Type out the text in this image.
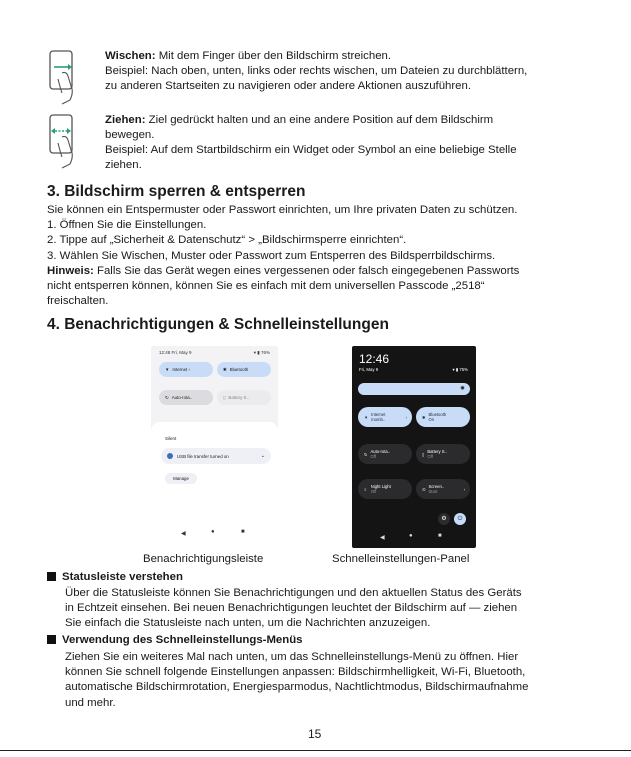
Wischen: Mit dem Finger über den Bildschirm streichen.
Beispiel: Nach oben, unten, links oder rechts wischen, um Dateien zu durchblättern,
zu anderen Startseiten zu navigieren oder andere Aktionen auszuführen.
Ziehen: Ziel gedrückt halten und an eine andere Position auf dem Bildschirm
bewegen.
Beispiel: Auf dem Startbildschirm ein Widget oder Symbol an eine beliebige Stelle
ziehen.
3. Bildschirm sperren & entsperren
Sie können ein Entspermuster oder Passwort einrichten, um Ihre privaten Daten zu schützen.
1. Öffnen Sie die Einstellungen.
2. Tippe auf „Sicherheit & Datenschutz“ > „Bildschirmsperre einrichten“.
3. Wählen Sie Wischen, Muster oder Passwort zum Entsperren des Bildsperrbildschirms.
Hinweis: Falls Sie das Gerät wegen eines vergessenen oder falsch eingegebenen Passworts
nicht entsperren können, können Sie es einfach mit dem universellen Passcode „2518“
freischalten.
4. Benachrichtigungen & Schnelleinstellungen
12:48 Fri, May 9	▾ ▮ 76%
▼ Internet ›	✱ Bluetooth
↻ Auto-rota..	▯ Battery S..
Silent
USB file transfer turned on	⌄
Manage
◀	●	■
Benachrichtigungsleiste
12:46
Fri, May 9	▾ ▮ 75%
✹
▼ Internet
momb..	›	✱ Bluetooth
On
↻ Auto-rota..
Off	▯ Battery S..
Off
☾ Night Light
Off	⊙ Screen..
Start	›
⚙	⏻
◀	●	■
Schnelleinstellungen-Panel
Statusleiste verstehen
Über die Statusleiste können Sie Benachrichtigungen und den aktuellen Status des Geräts
in Echtzeit einsehen. Bei neuen Benachrichtigungen leuchtet der Bildschirm auf — ziehen
Sie einfach die Statusleiste nach unten, um die Nachrichten anzuzeigen.
Verwendung des Schnelleinstellungs-Menüs
Ziehen Sie ein weiteres Mal nach unten, um das Schnelleinstellungs-Menü zu öffnen. Hier
können Sie schnell folgende Einstellungen anpassen: Bildschirmhelligkeit, Wi-Fi, Bluetooth,
automatische Bildschirmrotation, Energiesparmodus, Nachtlichtmodus, Bildschirmaufnahme
und mehr.
15
